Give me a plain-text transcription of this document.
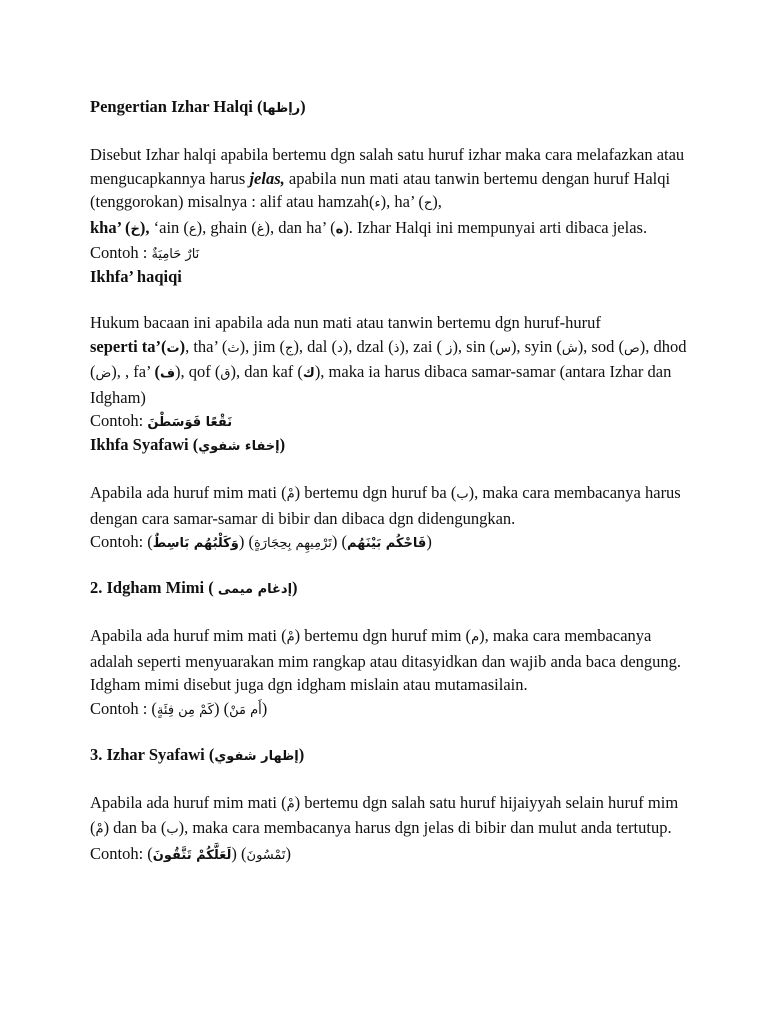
Pengertian Izhar Halqi (رإظها)

Disebut Izhar halqi apabila bertemu dgn salah satu huruf izhar maka cara melafazkan atau mengucapkannya harus jelas, apabila nun mati atau tanwin bertemu dengan huruf Halqi (tenggorokan) misalnya : alif atau hamzah(ء), ha’ (ح),
kha’ (خ), ‘ain (ع), ghain (غ), dan ha’ (ه). Izhar Halqi ini mempunyai arti dibaca jelas.

Contoh : نَارٌ حَامِيَةٌ

Ikhfa’ haqiqi

Hukum bacaan ini apabila ada nun mati atau tanwin bertemu dgn huruf-huruf
seperti ta’(ت), tha’ (ث), jim (ج), dal (د), dzal (ذ), zai ( ز), sin (س), syin (ش), sod (ص), dhod (ض), , fa’ (ف), qof (ق), dan kaf (ك), maka ia harus dibaca samar-samar (antara Izhar dan Idgham)

Contoh: نَقْعًا فَوَسَطْنَ

Ikhfa Syafawi (إخفاء شفوي)

Apabila ada huruf mim mati (مْ) bertemu dgn huruf ba (ب), maka cara membacanya harus dengan cara samar-samar di bibir dan dibaca dgn didengungkan.

Contoh: (وَكَلْبُهُم بَاسِطٌ) (تَرْمِيهِم بِحِجَارَةٍ) (فَاحْكُم بَيْنَهُم)

2. Idgham Mimi ( إدغام ميمى)

Apabila ada huruf mim mati (مْ) bertemu dgn huruf mim (م), maka cara membacanya adalah seperti menyuarakan mim rangkap atau ditasyidkan dan wajib anda baca dengung. Idgham mimi disebut juga dgn idgham mislain atau mutamasilain.

Contoh : (كَمْ مِن فِئَةٍ) (أَم مَنْ)

3. Izhar Syafawi (إظهار شفوي)

Apabila ada huruf mim mati (مْ) bertemu dgn salah satu huruf hijaiyyah selain huruf mim (مْ) dan ba (ب), maka cara membacanya harus dgn jelas di bibir dan mulut anda tertutup.

Contoh: (لَعَلَّكُمْ تَتَّقُونَ) (تَمْسُونَ)
